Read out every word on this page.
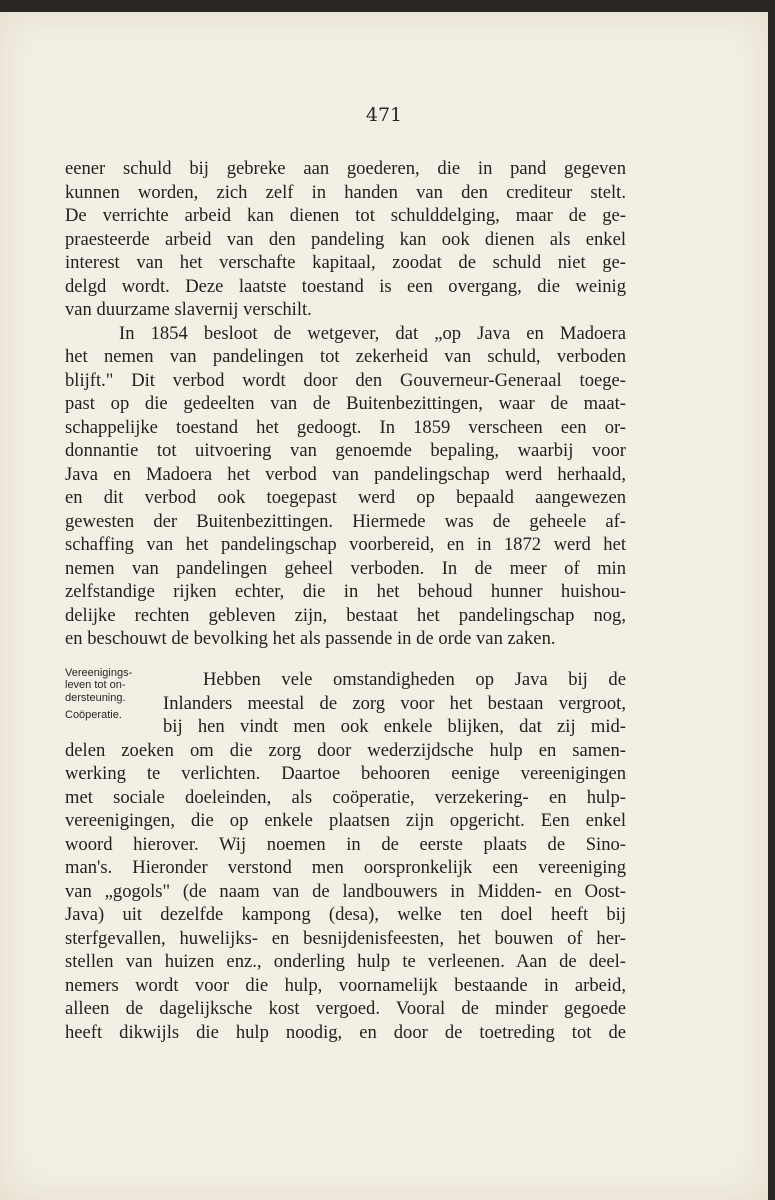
471
eener schuld bij gebreke aan goederen, die in pand gegeven
kunnen worden, zich zelf in handen van den crediteur stelt.
De verrichte arbeid kan dienen tot schulddelging, maar de ge-
praesteerde arbeid van den pandeling kan ook dienen als enkel
interest van het verschafte kapitaal, zoodat de schuld niet ge-
delgd wordt. Deze laatste toestand is een overgang, die weinig
van duurzame slavernij verschilt.
In 1854 besloot de wetgever, dat „op Java en Madoera
het nemen van pandelingen tot zekerheid van schuld, verboden
blijft." Dit verbod wordt door den Gouverneur-Generaal toege-
past op die gedeelten van de Buitenbezittingen, waar de maat-
schappelijke toestand het gedoogt. In 1859 verscheen een or-
donnantie tot uitvoering van genoemde bepaling, waarbij voor
Java en Madoera het verbod van pandelingschap werd herhaald,
en dit verbod ook toegepast werd op bepaald aangewezen
gewesten der Buitenbezittingen. Hiermede was de geheele af-
schaffing van het pandelingschap voorbereid, en in 1872 werd het
nemen van pandelingen geheel verboden. In de meer of min
zelfstandige rijken echter, die in het behoud hunner huishou-
delijke rechten gebleven zijn, bestaat het pandelingschap nog,
en beschouwt de bevolking het als passende in de orde van zaken.
Vereenigings-
leven tot on-
dersteuning.
Coöperatie.
Hebben vele omstandigheden op Java bij de
Inlanders meestal de zorg voor het bestaan vergroot,
bij hen vindt men ook enkele blijken, dat zij mid-
delen zoeken om die zorg door wederzijdsche hulp en samen-
werking te verlichten. Daartoe behooren eenige vereenigingen
met sociale doeleinden, als coöperatie, verzekering- en hulp-
vereenigingen, die op enkele plaatsen zijn opgericht. Een enkel
woord hierover. Wij noemen in de eerste plaats de Sino-
man's. Hieronder verstond men oorspronkelijk een vereeniging
van „gogols" (de naam van de landbouwers in Midden- en Oost-
Java) uit dezelfde kampong (desa), welke ten doel heeft bij
sterfgevallen, huwelijks- en besnijdenisfeesten, het bouwen of her-
stellen van huizen enz., onderling hulp te verleenen. Aan de deel-
nemers wordt voor die hulp, voornamelijk bestaande in arbeid,
alleen de dagelijksche kost vergoed. Vooral de minder gegoede
heeft dikwijls die hulp noodig, en door de toetreding tot de
